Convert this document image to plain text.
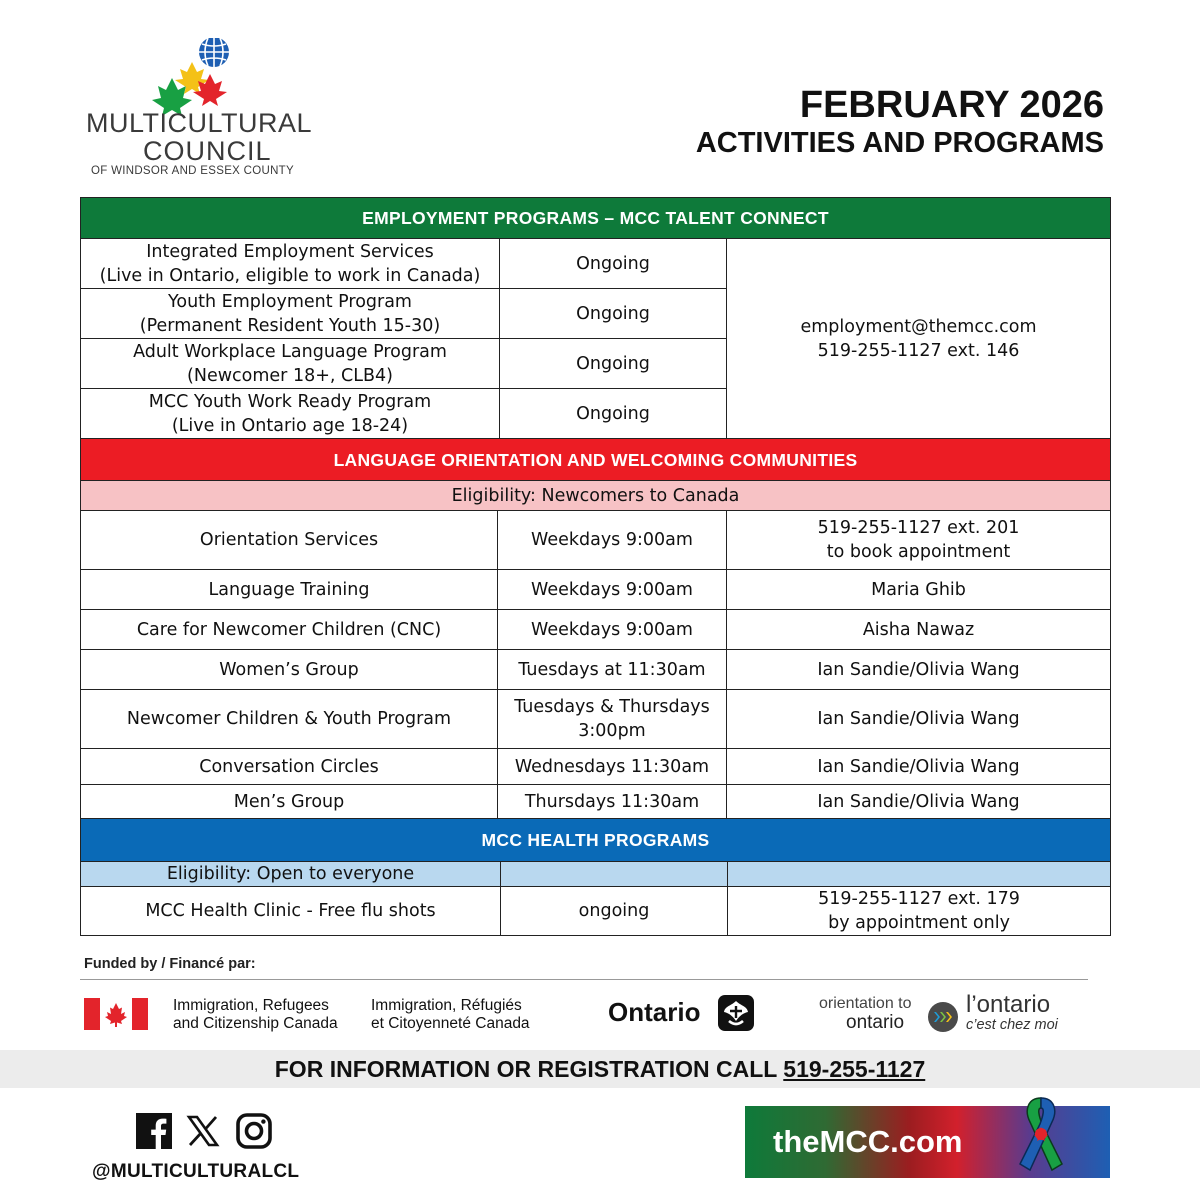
MULTICULTURAL
COUNCIL
OF WINDSOR AND ESSEX COUNTY
FEBRUARY 2026
ACTIVITIES AND PROGRAMS
EMPLOYMENT PROGRAMS – MCC TALENT CONNECT		
Integrated Employment Services
(Live in Ontario, eligible to work in Canada)	Ongoing	employment@themcc.com
519-255-1127 ext. 146
Youth Employment Program
(Permanent Resident Youth 15-30)	Ongoing	
Adult Workplace Language Program
(Newcomer 18+, CLB4)	Ongoing	
MCC Youth Work Ready Program
(Live in Ontario age 18-24)	Ongoing	
LANGUAGE ORIENTATION AND WELCOMING COMMUNITIES		
Eligibility: Newcomers to Canada		
Orientation Services	Weekdays 9:00am	519-255-1127 ext. 201
to book appointment
Language Training	Weekdays 9:00am	Maria Ghib
Care for Newcomer Children (CNC)	Weekdays 9:00am	Aisha Nawaz
Women’s Group	Tuesdays at 11:30am	Ian Sandie/Olivia Wang
Newcomer Children & Youth Program	Tuesdays & Thursdays
3:00pm	Ian Sandie/Olivia Wang
Conversation Circles	Wednesdays 11:30am	Ian Sandie/Olivia Wang
Men’s Group	Thursdays 11:30am	Ian Sandie/Olivia Wang
MCC HEALTH PROGRAMS		
Eligibility: Open to everyone		
MCC Health Clinic - Free flu shots	ongoing	519-255-1127 ext. 179
by appointment only
Funded by / Financé par:
Immigration, Refugees
and Citizenship Canada
Immigration, Réfugiés
et Citoyenneté Canada	Ontario	orientation to
ontario
l’ontario
c’est chez moi
FOR INFORMATION OR REGISTRATION CALL 519-255-1127
@MULTICULTURALCL
theMCC.com
